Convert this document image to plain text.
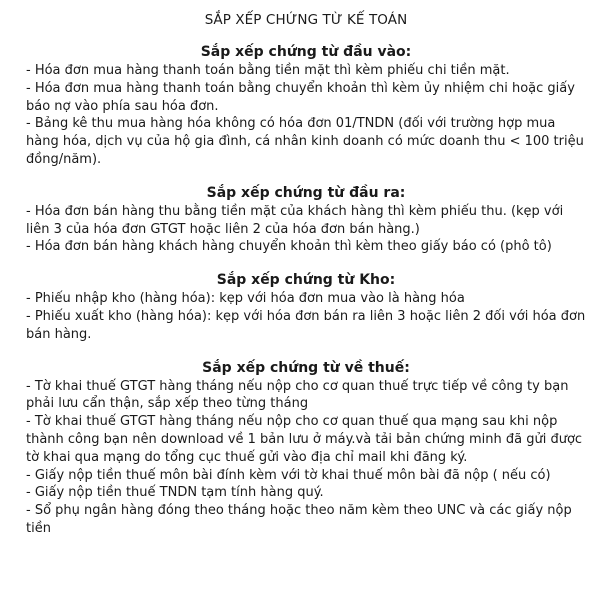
SẮP XẾP CHỨNG TỪ KẾ TOÁN
Sắp xếp chứng từ đầu vào:

- Hóa đơn mua hàng thanh toán bằng tiền mặt thì kèm phiếu chi tiền mặt.

- Hóa đơn mua hàng thanh toán bằng chuyển khoản thì kèm ủy nhiệm chi hoặc giấy báo nợ vào phía sau hóa đơn.

- Bảng kê thu mua hàng hóa không có hóa đơn 01/TNDN (đối với trường hợp mua hàng hóa, dịch vụ của hộ gia đình, cá nhân kinh doanh có mức doanh thu < 100 triệu đồng/năm).

Sắp xếp chứng từ đầu ra:

- Hóa đơn bán hàng thu bằng tiền mặt của khách hàng thì kèm phiếu thu. (kẹp với liên 3 của hóa đơn GTGT hoặc liên 2 của hóa đơn bán hàng.)

- Hóa đơn bán hàng khách hàng chuyển khoản thì kèm theo giấy báo có (phô tô)

Sắp xếp chứng từ Kho:

- Phiếu nhập kho (hàng hóa): kẹp với hóa đơn mua vào là hàng hóa

- Phiếu xuất kho (hàng hóa): kẹp với hóa đơn bán ra liên 3 hoặc liên 2 đối với hóa đơn bán hàng.

Sắp xếp chứng từ về thuế:

- Tờ khai thuế GTGT hàng tháng nếu nộp cho cơ quan thuế trực tiếp về công ty bạn phải lưu cẩn thận, sắp xếp theo từng tháng

- Tờ khai thuế GTGT hàng tháng nếu nộp cho cơ quan thuế qua mạng sau khi nộp thành công bạn nên download về 1 bản lưu ở máy.và tải bản chứng minh đã gửi được tờ khai qua mạng do tổng cục thuế gửi vào địa chỉ mail khi đăng ký.

- Giấy nộp tiền thuế môn bài đính kèm với tờ khai thuế môn bài đã nộp ( nếu có)

- Giấy nộp tiền thuế TNDN tạm tính hàng quý.

- Sổ phụ ngân hàng đóng theo tháng hoặc theo năm kèm theo UNC và các giấy nộp tiền
